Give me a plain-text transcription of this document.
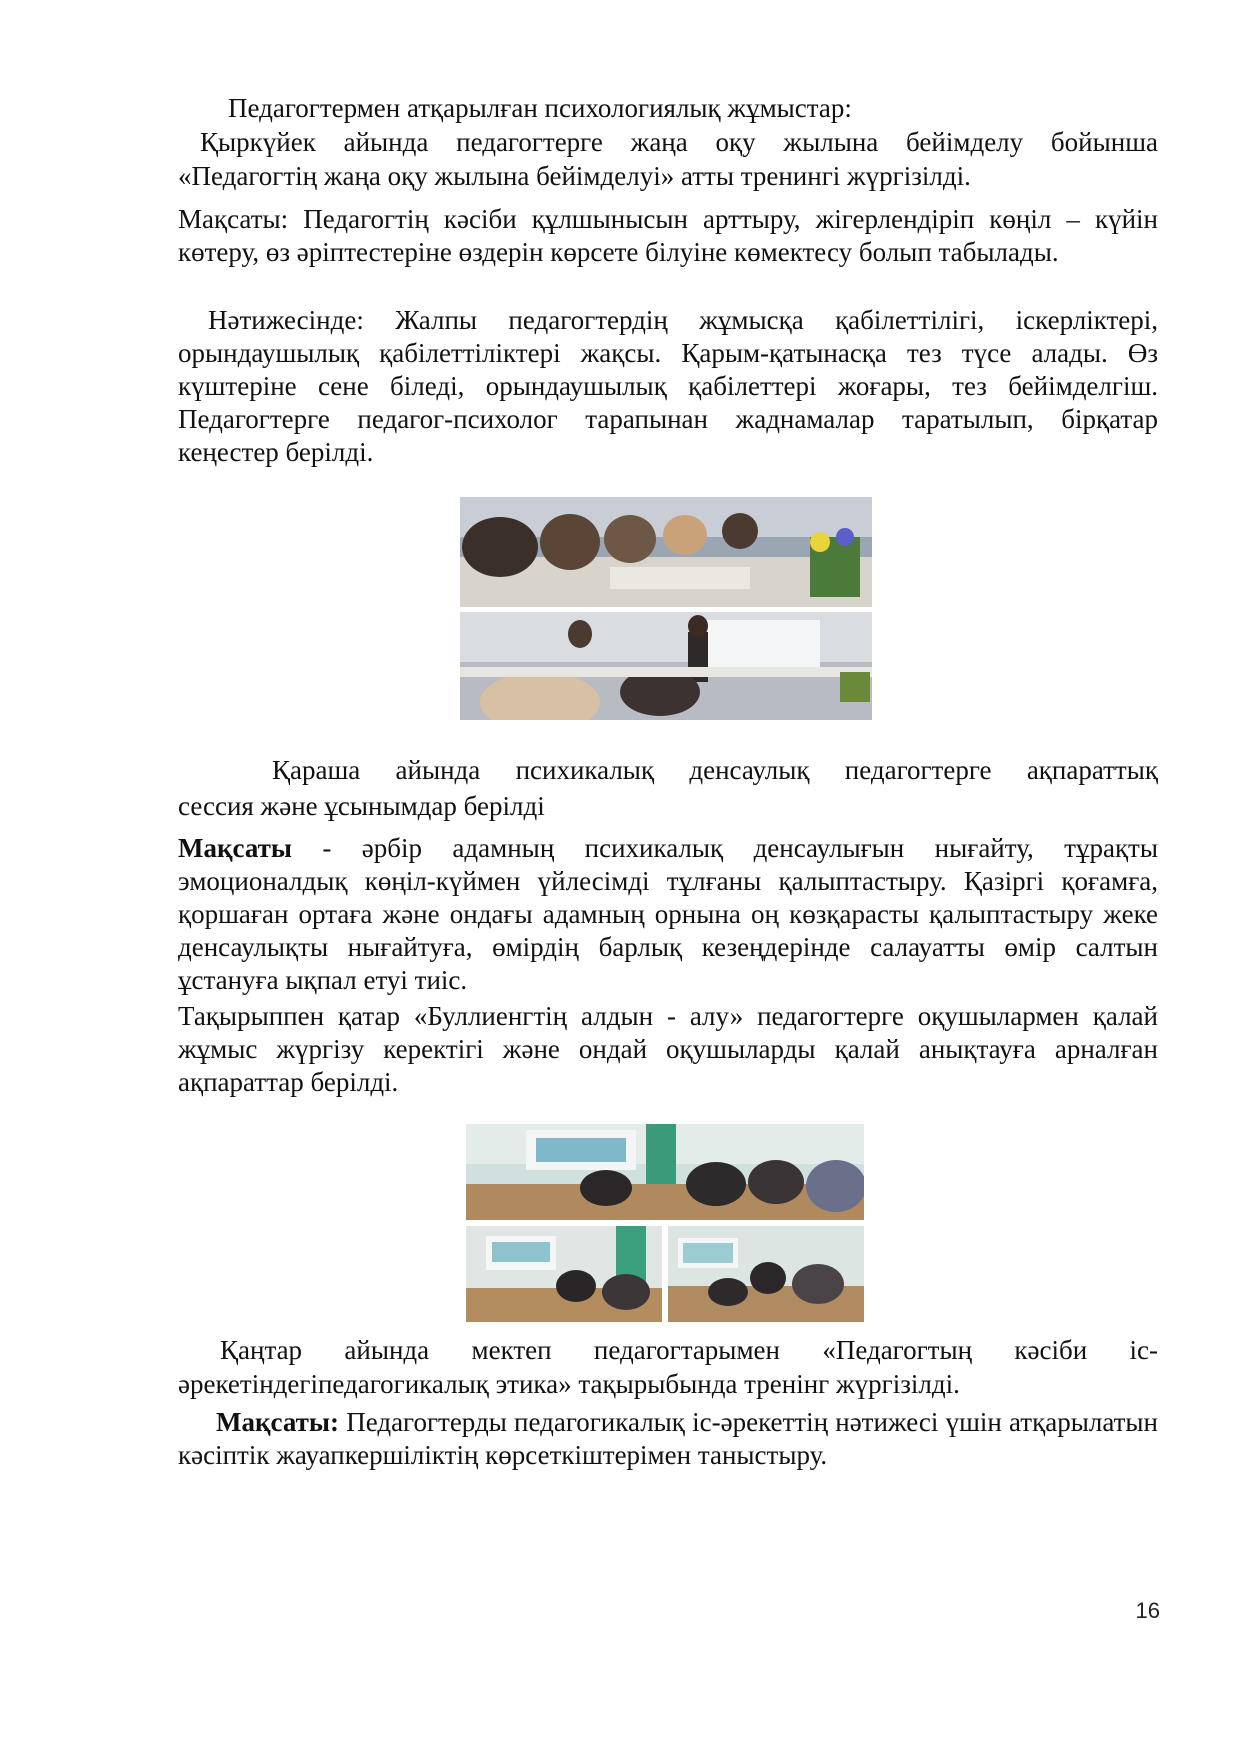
Педагогтермен атқарылған психологиялық жұмыстар:

Қыркүйек айында педагогтерге жаңа оқу жылына бейімделу бойынша

«Педагогтің жаңа оқу жылына бейімделуі» атты тренингі жүргізілді.

Мақсаты: Педагогтің кәсіби құлшынысын арттыру, жігерлендіріп көңіл – күйін көтеру, өз әріптестеріне өздерін көрсете білуіне көмектесу болып табылады.

Нәтижесінде: Жалпы педагогтердің жұмысқа қабілеттілігі, іскерліктері, орындаушылық қабілеттіліктері жақсы. Қарым-қатынасқа тез түсе алады. Өз күштеріне сене біледі, орындаушылық қабілеттері жоғары, тез бейімделгіш. Педагогтерге педагог-психолог тарапынан жаднамалар таратылып, бірқатар кеңестер берілді.

Қараша айында психикалық денсаулық педагогтерге ақпараттық

сессия және ұсынымдар берілді

Мақсаты - әрбір адамның психикалық денсаулығын нығайту, тұрақты эмоционалдық көңіл-күймен үйлесімді тұлғаны қалыптастыру. Қазіргі қоғамға, қоршаған ортаға және ондағы адамның орнына оң көзқарасты қалыптастыру жеке денсаулықты нығайтуға, өмірдің барлық кезеңдерінде салауатты өмір салтын ұстануға ықпал етуі тиіс.

Тақырыппен қатар «Буллиенгтің алдын - алу» педагогтерге оқушылармен қалай жұмыс жүргізу керектігі және ондай оқушыларды қалай анықтауға арналған ақпараттар берілді.

Қаңтар айында мектеп педагогтарымен «Педагогтың кәсіби іс-

әрекетіндегіпедагогикалық этика» тақырыбында тренінг жүргізілді.

Мақсаты: Педагогтерды педагогикалық іс-әрекеттің нәтижесі үшін атқарылатын кәсіптік жауапкершіліктің көрсеткіштерімен таныстыру.

16
